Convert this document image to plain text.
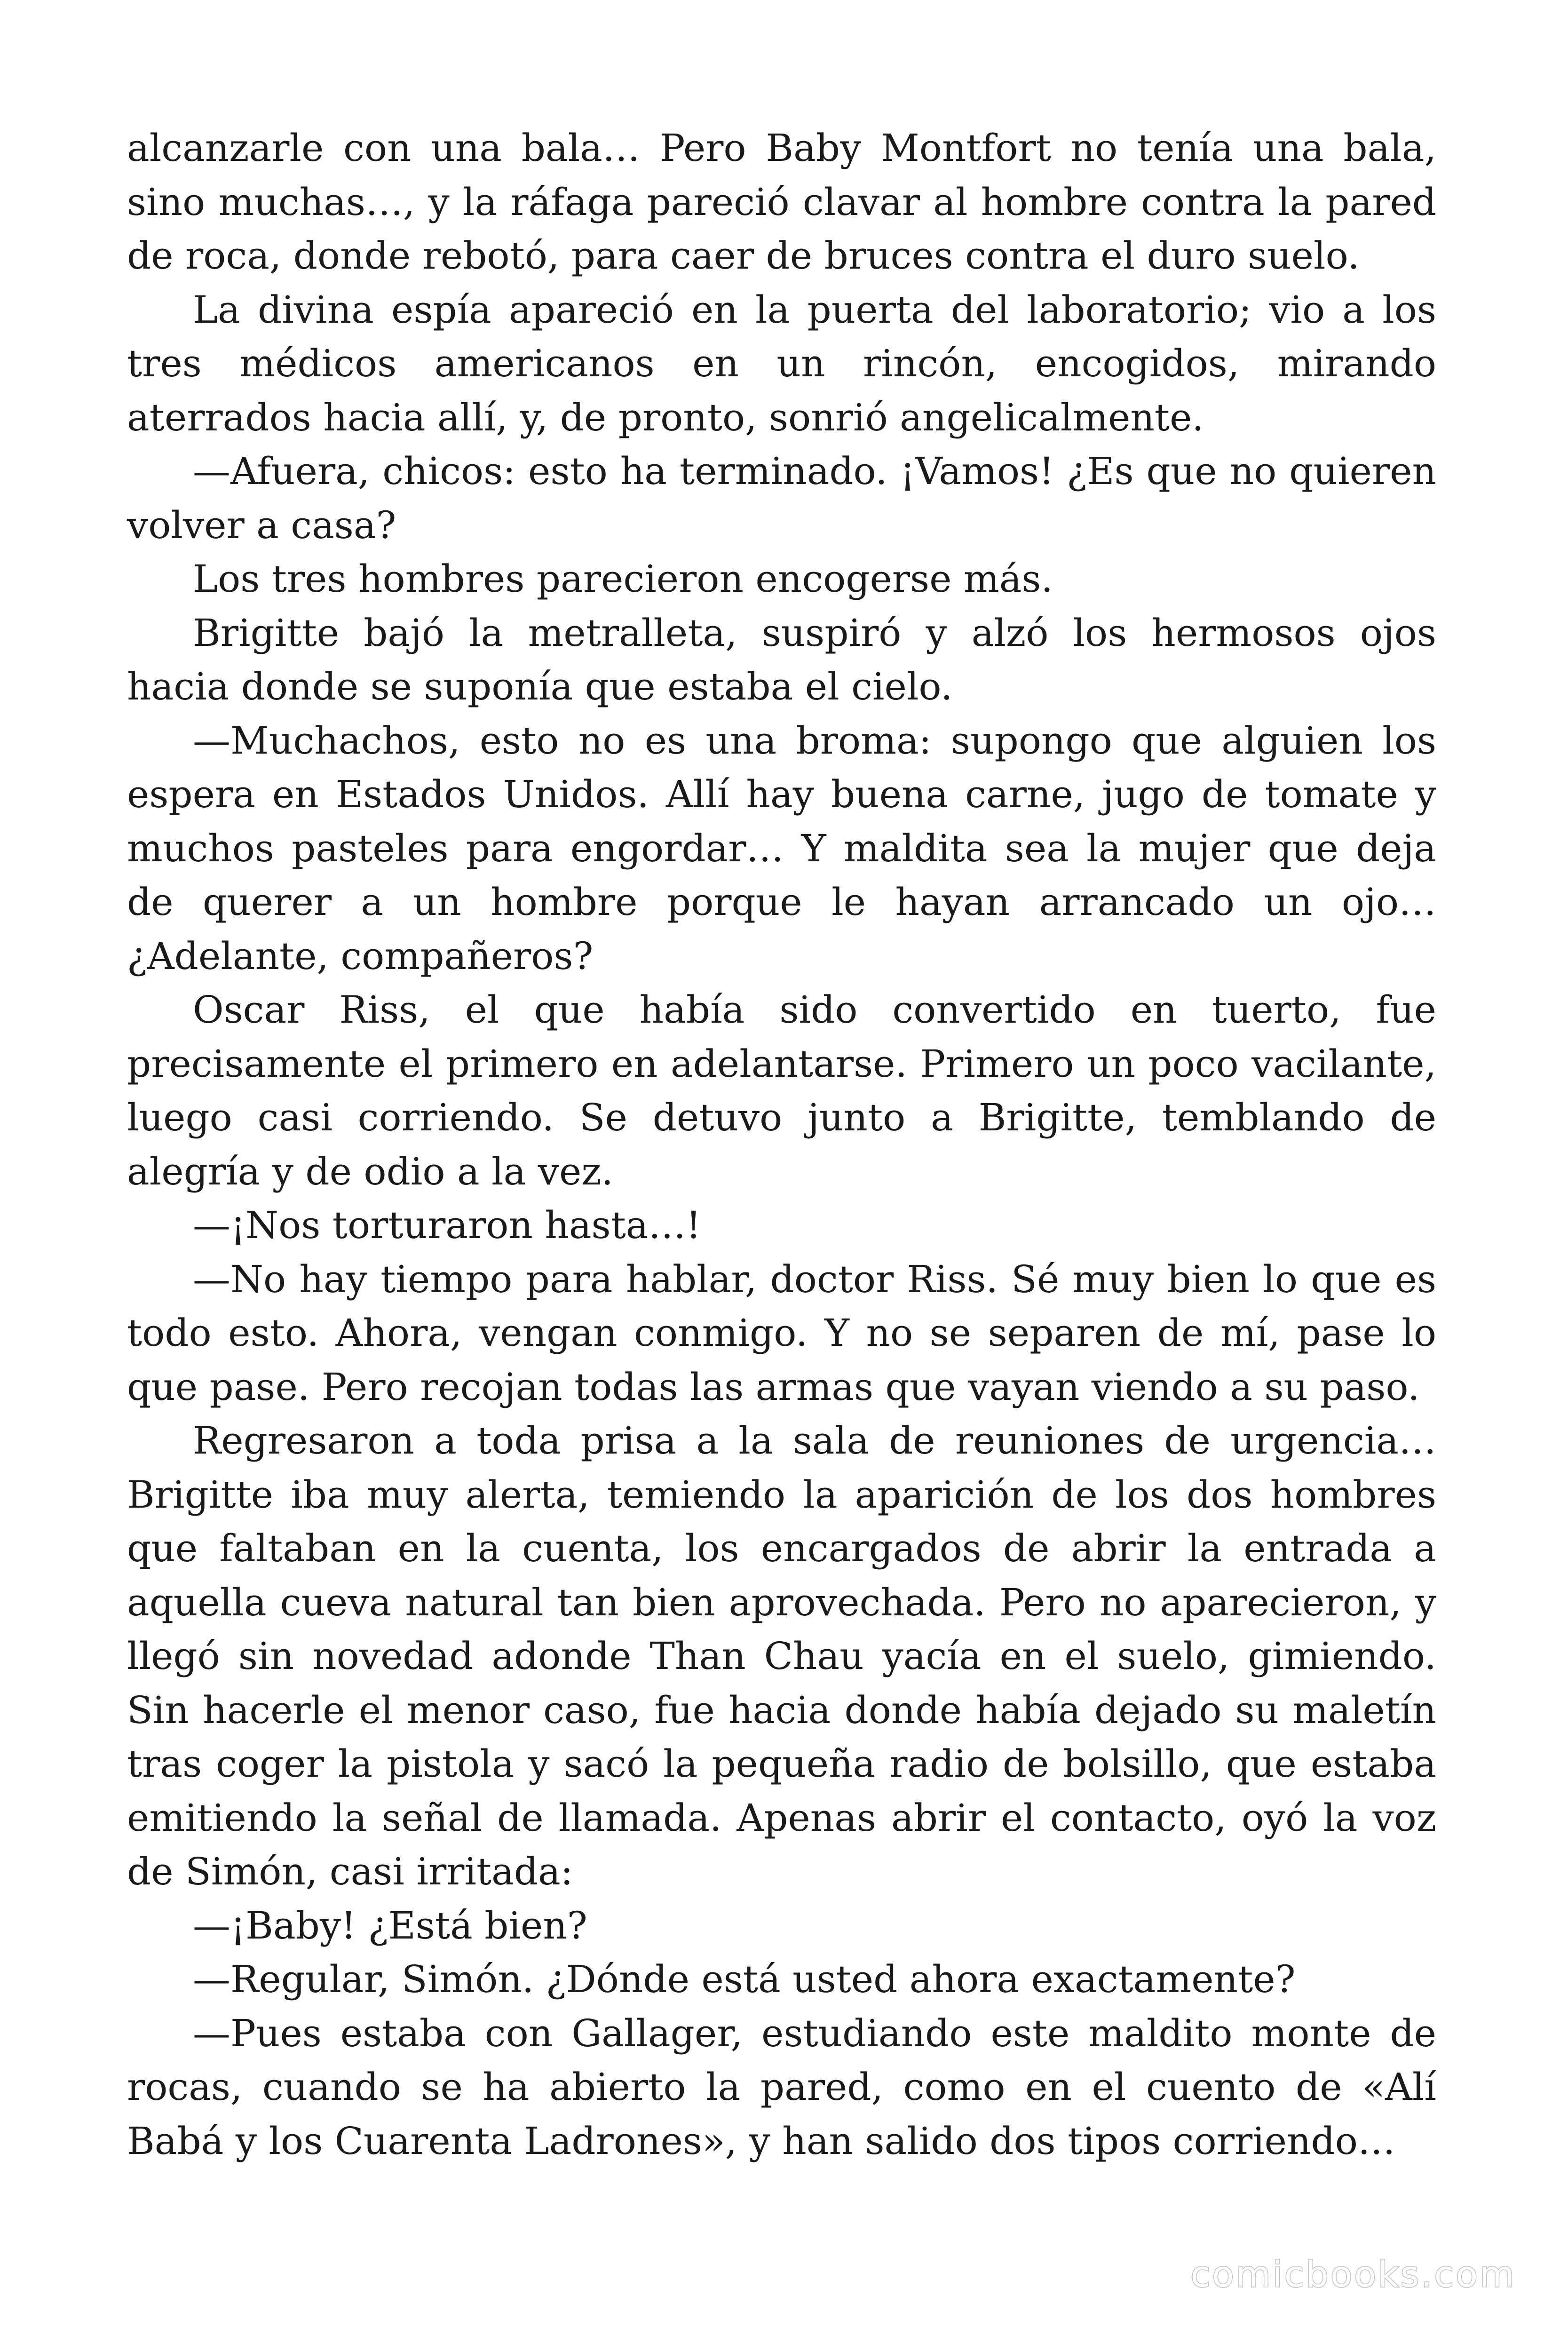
alcanzarle con una bala… Pero Baby Montfort no tenía una bala, sino muchas…, y la ráfaga pareció clavar al hombre contra la pared de roca, donde rebotó, para caer de bruces contra el duro suelo.

La divina espía apareció en la puerta del laboratorio; vio a los tres médicos americanos en un rincón, encogidos, mirando aterrados hacia allí, y, de pronto, sonrió angelicalmente.

—Afuera, chicos: esto ha terminado. ¡Vamos! ¿Es que no quieren volver a casa?

Los tres hombres parecieron encogerse más.

Brigitte bajó la metralleta, suspiró y alzó los hermosos ojos hacia donde se suponía que estaba el cielo.

—Muchachos, esto no es una broma: supongo que alguien los espera en Estados Unidos. Allí hay buena carne, jugo de tomate y muchos pasteles para engordar… Y maldita sea la mujer que deja de querer a un hombre porque le hayan arrancado un ojo… ¿Adelante, compañeros?

Oscar Riss, el que había sido convertido en tuerto, fue precisamente el primero en adelantarse. Primero un poco vacilante, luego casi corriendo. Se detuvo junto a Brigitte, temblando de alegría y de odio a la vez.

—¡Nos torturaron hasta…!

—No hay tiempo para hablar, doctor Riss. Sé muy bien lo que es todo esto. Ahora, vengan conmigo. Y no se separen de mí, pase lo que pase. Pero recojan todas las armas que vayan viendo a su paso.

Regresaron a toda prisa a la sala de reuniones de urgencia… Brigitte iba muy alerta, temiendo la aparición de los dos hombres que faltaban en la cuenta, los encargados de abrir la entrada a aquella cueva natural tan bien aprovechada. Pero no aparecieron, y llegó sin novedad adonde Than Chau yacía en el suelo, gimiendo. Sin hacerle el menor caso, fue hacia donde había dejado su maletín tras coger la pistola y sacó la pequeña radio de bolsillo, que estaba emitiendo la señal de llamada. Apenas abrir el contacto, oyó la voz de Simón, casi irritada:

—¡Baby! ¿Está bien?

—Regular, Simón. ¿Dónde está usted ahora exactamente?

—Pues estaba con Gallager, estudiando este maldito monte de rocas, cuando se ha abierto la pared, como en el cuento de «Alí Babá y los Cuarenta Ladrones», y han salido dos tipos corriendo…

comicbooks.com
